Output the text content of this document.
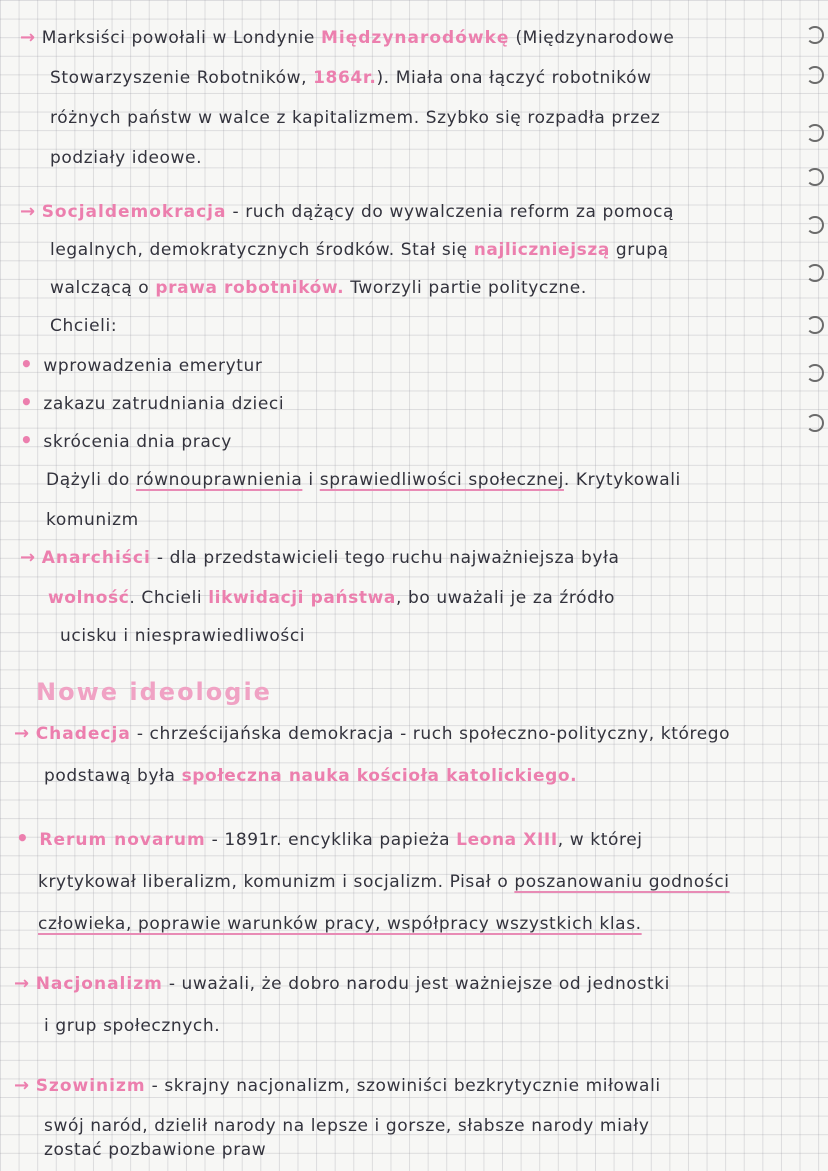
→ Marksiści powołali w Londynie Międzynarodówkę (Międzynarodowe
Stowarzyszenie Robotników, 1864r.). Miała ona łączyć robotników
różnych państw w walce z kapitalizmem. Szybko się rozpadła przez
podziały ideowe.
→ Socjaldemokracja - ruch dążący do wywalczenia reform za pomocą
legalnych, demokratycznych środków. Stał się najliczniejszą grupą
walczącą o prawa robotników. Tworzyli partie polityczne.
Chcieli:
• wprowadzenia emerytur
• zakazu zatrudniania dzieci
• skrócenia dnia pracy
Dążyli do równouprawnienia i sprawiedliwości społecznej. Krytykowali
komunizm
→ Anarchiści - dla przedstawicieli tego ruchu najważniejsza była
wolność. Chcieli likwidacji państwa, bo uważali je za źródło
ucisku i niesprawiedliwości
Nowe ideologie
→ Chadecja - chrześcijańska demokracja - ruch społeczno-polityczny, którego
podstawą była społeczna nauka kościoła katolickiego.
• Rerum novarum - 1891r. encyklika papieża Leona XIII, w której
krytykował liberalizm, komunizm i socjalizm. Pisał o poszanowaniu godności
człowieka, poprawie warunków pracy, współpracy wszystkich klas.
→ Nacjonalizm - uważali, że dobro narodu jest ważniejsze od jednostki
i grup społecznych.
→ Szowinizm - skrajny nacjonalizm, szowiniści bezkrytycznie miłowali
swój naród, dzielił narody na lepsze i gorsze, słabsze narody miały
zostać pozbawione praw
